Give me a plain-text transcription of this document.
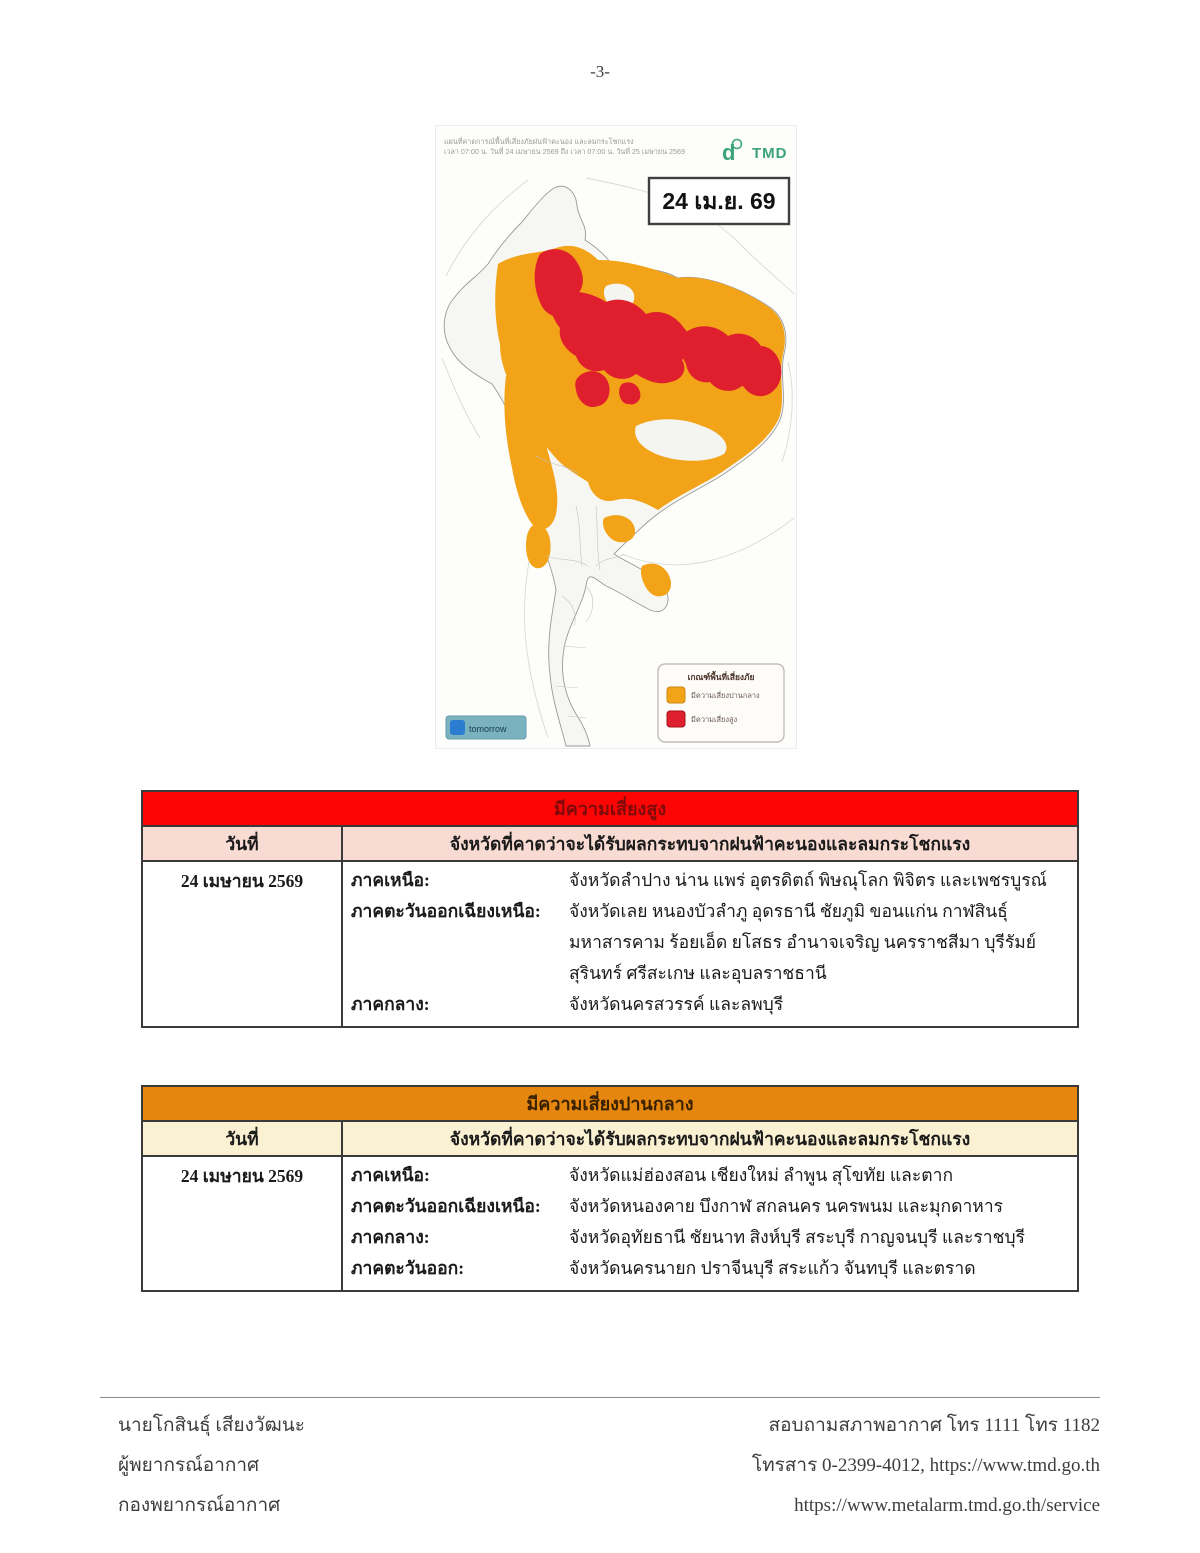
-3-
แผนที่คาดการณ์พื้นที่เสี่ยงภัยฝนฟ้าคะนอง และลมกระโชกแรง
เวลา 07:00 น. วันที่ 24 เมษายน 2569 ถึง เวลา 07:00 น. วันที่ 25 เมษายน 2569 d TMD
24 เม.ย. 69
เกณฑ์พื้นที่เสี่ยงภัย
มีความเสี่ยงปานกลาง
มีความเสี่ยงสูง
tomorrow
มีความเสี่ยงสูง
วันที่	จังหวัดที่คาดว่าจะได้รับผลกระทบจากฝนฟ้าคะนองและลมกระโชกแรง
24 เมษายน 2569	ภาคเหนือ:	จังหวัดลำปาง น่าน แพร่ อุตรดิตถ์ พิษณุโลก พิจิตร และเพชรบูรณ์
ภาคตะวันออกเฉียงเหนือ:	จังหวัดเลย หนองบัวลำภู อุดรธานี ชัยภูมิ ขอนแก่น กาฬสินธุ์ มหาสารคาม ร้อยเอ็ด ยโสธร อำนาจเจริญ นครราชสีมา บุรีรัมย์ สุรินทร์ ศรีสะเกษ และอุบลราชธานี
ภาคกลาง:	จังหวัดนครสวรรค์ และลพบุรี
มีความเสี่ยงปานกลาง
วันที่	จังหวัดที่คาดว่าจะได้รับผลกระทบจากฝนฟ้าคะนองและลมกระโชกแรง
24 เมษายน 2569	ภาคเหนือ:	จังหวัดแม่ฮ่องสอน เชียงใหม่ ลำพูน สุโขทัย และตาก
ภาคตะวันออกเฉียงเหนือ:	จังหวัดหนองคาย บึงกาฬ สกลนคร นครพนม และมุกดาหาร
ภาคกลาง:	จังหวัดอุทัยธานี ชัยนาท สิงห์บุรี สระบุรี กาญจนบุรี และราชบุรี
ภาคตะวันออก:	จังหวัดนครนายก ปราจีนบุรี สระแก้ว จันทบุรี และตราด
นายโกสินธุ์ เสียงวัฒนะ
ผู้พยากรณ์อากาศ
กองพยากรณ์อากาศ
สอบถามสภาพอากาศ โทร 1111 โทร 1182
โทรสาร 0-2399-4012, https://www.tmd.go.th
https://www.metalarm.tmd.go.th/service
